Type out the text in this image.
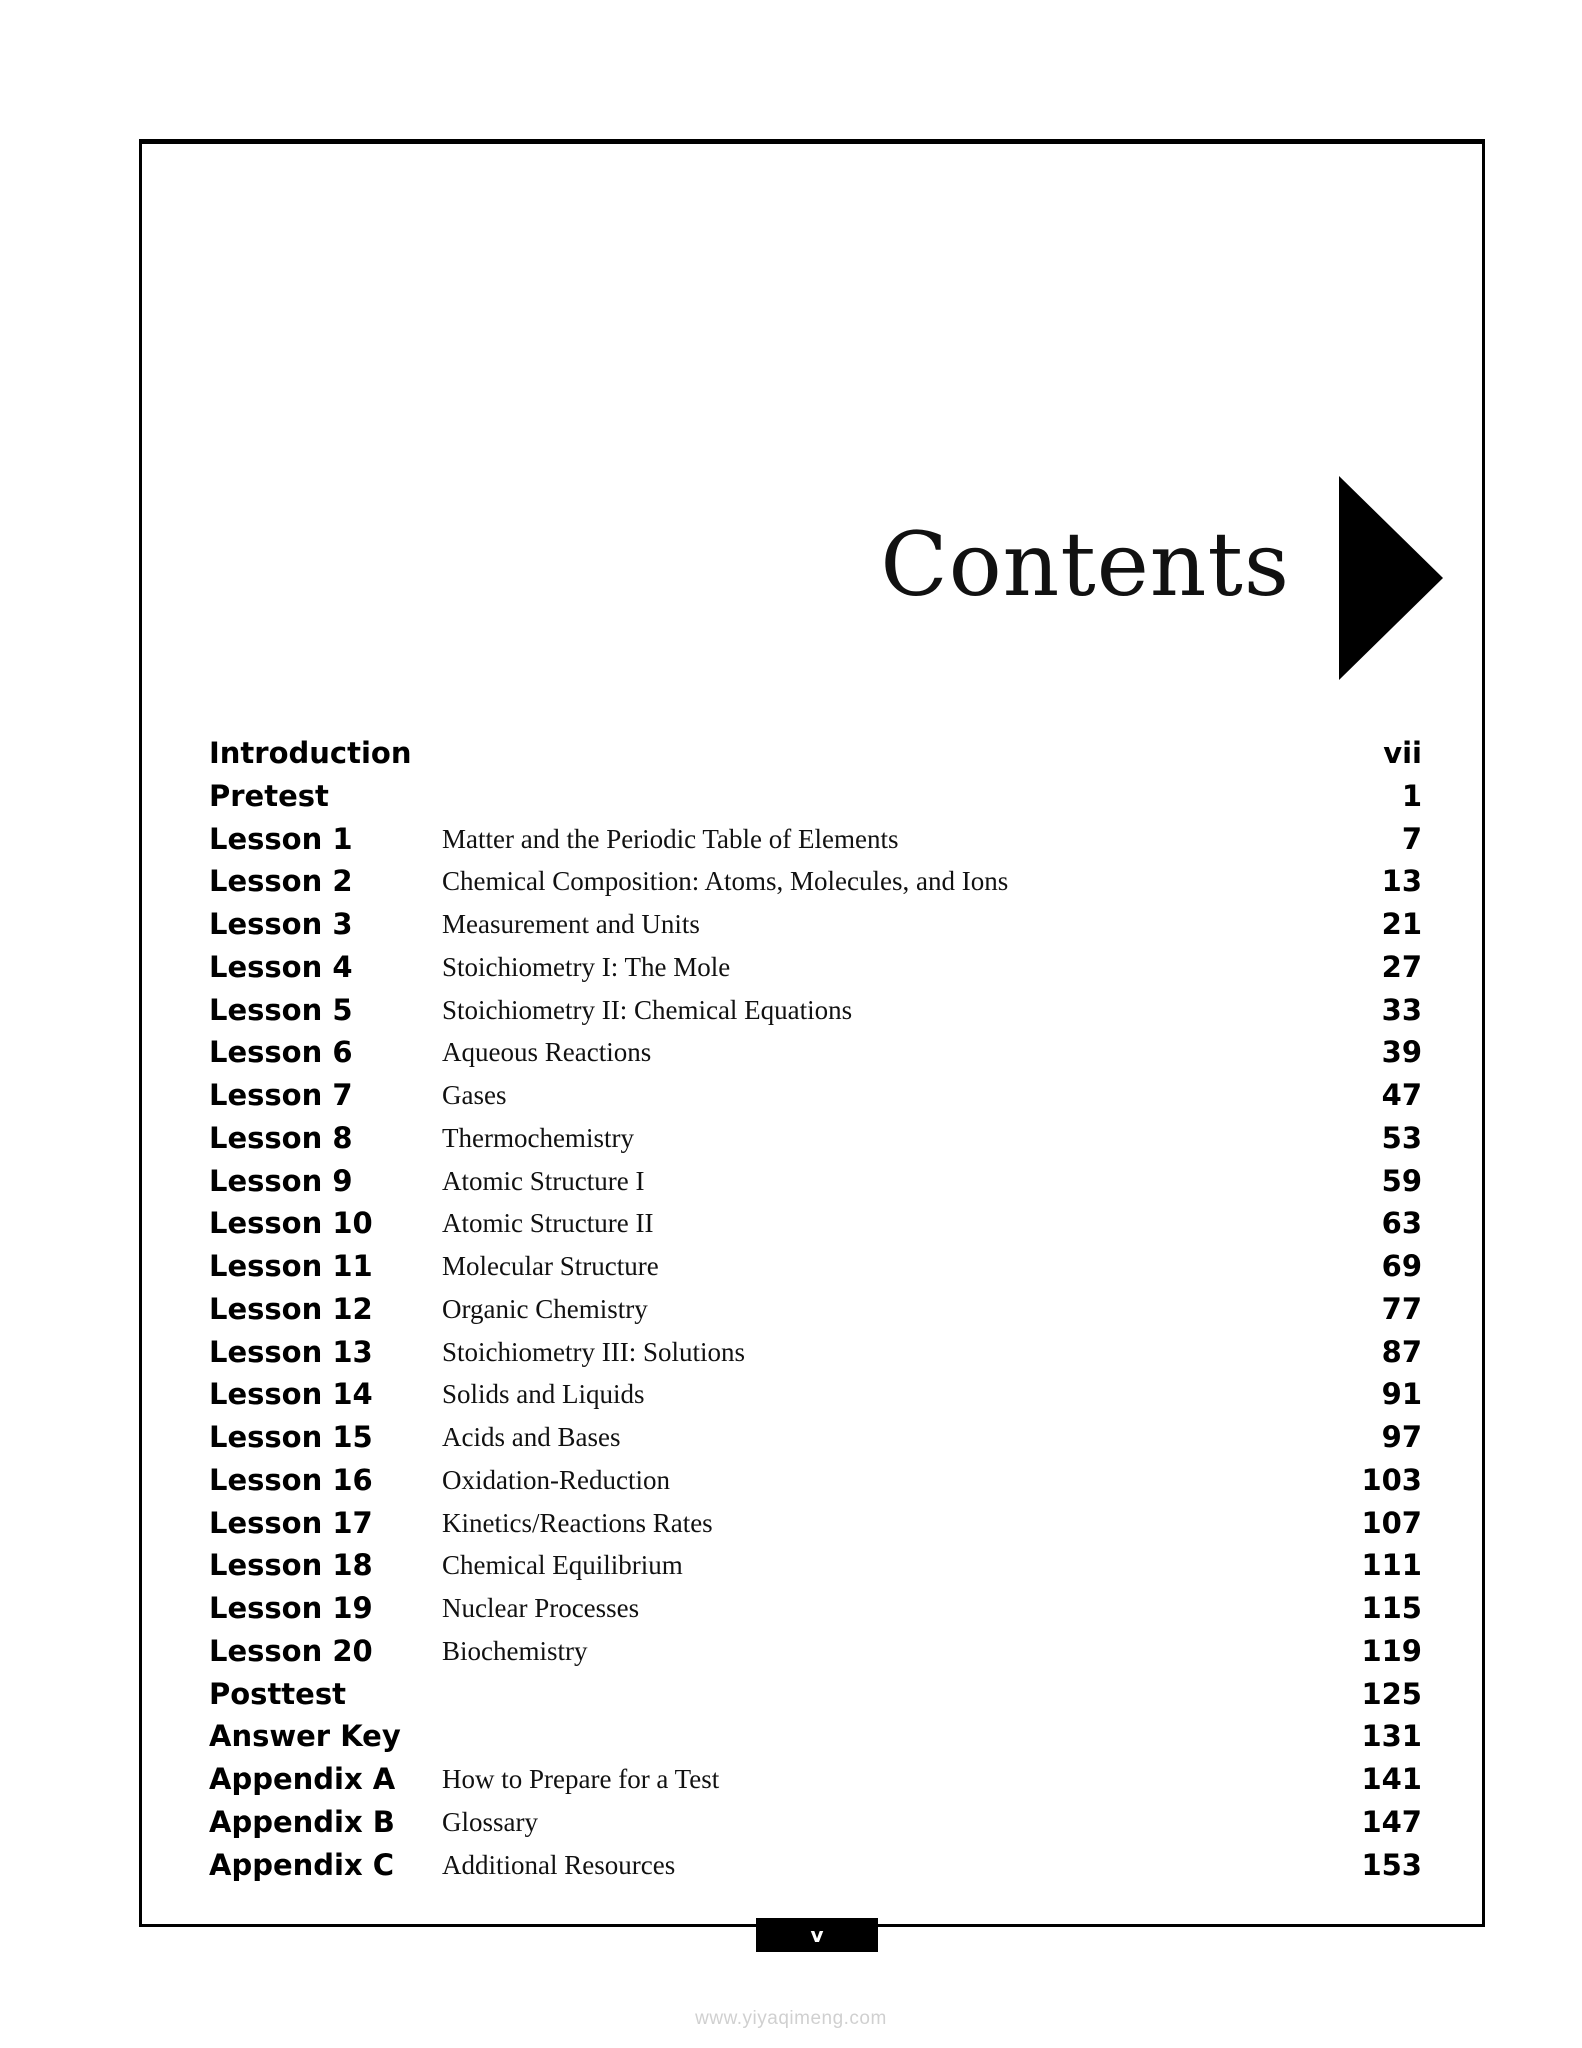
Contents
Introduction	vii
Pretest	1
Lesson 1	Matter and the Periodic Table of Elements	7
Lesson 2	Chemical Composition: Atoms, Molecules, and Ions	13
Lesson 3	Measurement and Units	21
Lesson 4	Stoichiometry I: The Mole	27
Lesson 5	Stoichiometry II: Chemical Equations	33
Lesson 6	Aqueous Reactions	39
Lesson 7	Gases	47
Lesson 8	Thermochemistry	53
Lesson 9	Atomic Structure I	59
Lesson 10	Atomic Structure II	63
Lesson 11	Molecular Structure	69
Lesson 12	Organic Chemistry	77
Lesson 13	Stoichiometry III: Solutions	87
Lesson 14	Solids and Liquids	91
Lesson 15	Acids and Bases	97
Lesson 16	Oxidation-Reduction	103
Lesson 17	Kinetics/Reactions Rates	107
Lesson 18	Chemical Equilibrium	111
Lesson 19	Nuclear Processes	115
Lesson 20	Biochemistry	119
Posttest	125
Answer Key	131
Appendix A How to Prepare for a Test	141
Appendix B Glossary	147
Appendix C Additional Resources	153
v
www.yiyaqimeng.com
